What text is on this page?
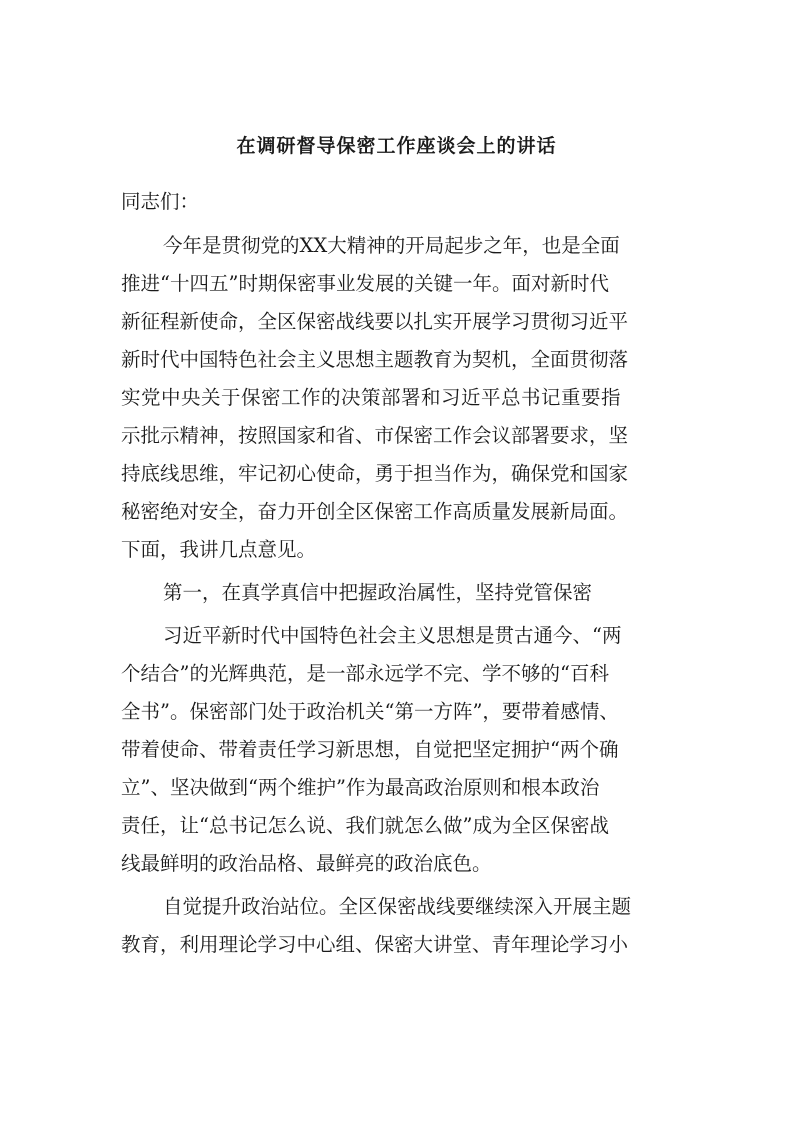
在调研督导保密工作座谈会上的讲话
同志们：
今年是贯彻党的XX大精神的开局起步之年，也是全面
推进“十四五”时期保密事业发展的关键一年。面对新时代
新征程新使命，全区保密战线要以扎实开展学习贯彻习近平
新时代中国特色社会主义思想主题教育为契机，全面贯彻落
实党中央关于保密工作的决策部署和习近平总书记重要指
示批示精神，按照国家和省、市保密工作会议部署要求，坚
持底线思维，牢记初心使命，勇于担当作为，确保党和国家
秘密绝对安全，奋力开创全区保密工作高质量发展新局面。
下面，我讲几点意见。
第一，在真学真信中把握政治属性，坚持党管保密
习近平新时代中国特色社会主义思想是贯古通今、“两
个结合”的光辉典范，是一部永远学不完、学不够的“百科
全书”。保密部门处于政治机关“第一方阵”，要带着感情、
带着使命、带着责任学习新思想，自觉把坚定拥护“两个确
立”、坚决做到“两个维护”作为最高政治原则和根本政治
责任，让“总书记怎么说、我们就怎么做”成为全区保密战
线最鲜明的政治品格、最鲜亮的政治底色。
自觉提升政治站位。全区保密战线要继续深入开展主题
教育，利用理论学习中心组、保密大讲堂、青年理论学习小
